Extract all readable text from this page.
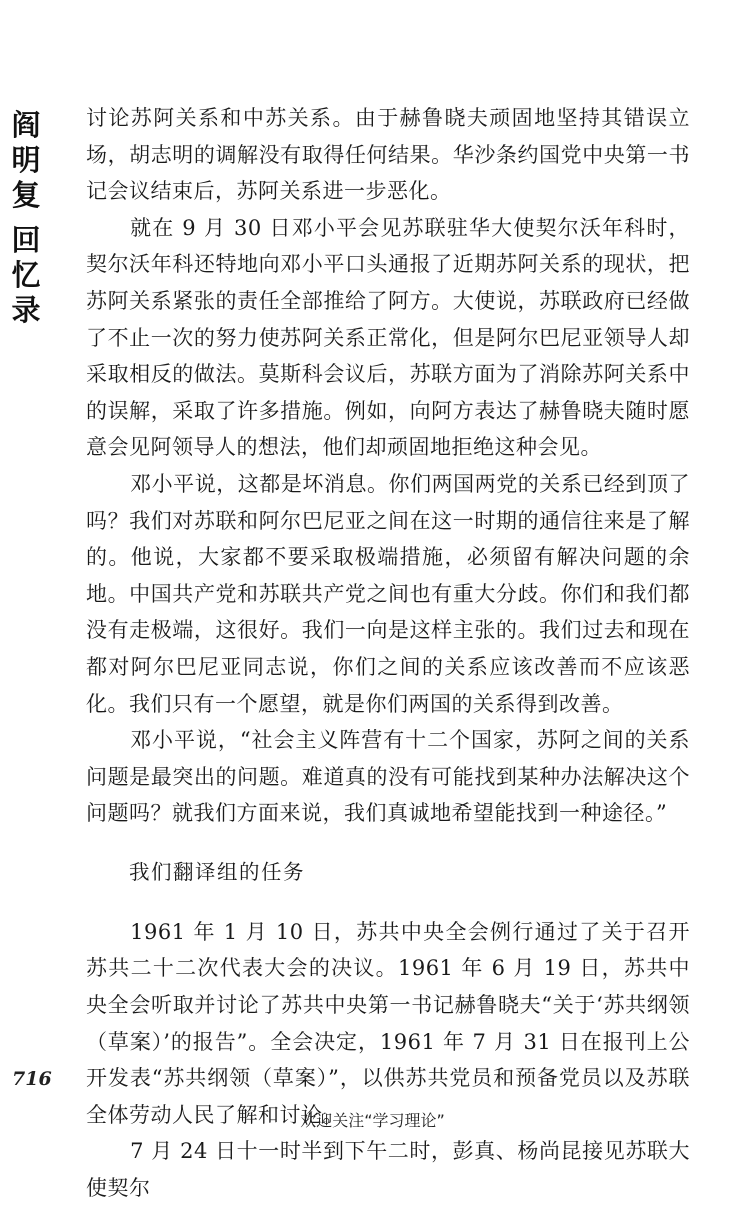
阎
明
复
回
忆
录

讨论苏阿关系和中苏关系。由于赫鲁晓夫顽固地坚持其错误立场，胡志明的调解没有取得任何结果。华沙条约国党中央第一书记会议结束后，苏阿关系进一步恶化。

就在 9 月 30 日邓小平会见苏联驻华大使契尔沃年科时，契尔沃年科还特地向邓小平口头通报了近期苏阿关系的现状，把苏阿关系紧张的责任全部推给了阿方。大使说，苏联政府已经做了不止一次的努力使苏阿关系正常化，但是阿尔巴尼亚领导人却采取相反的做法。莫斯科会议后，苏联方面为了消除苏阿关系中的误解，采取了许多措施。例如，向阿方表达了赫鲁晓夫随时愿意会见阿领导人的想法，他们却顽固地拒绝这种会见。

邓小平说，这都是坏消息。你们两国两党的关系已经到顶了吗？我们对苏联和阿尔巴尼亚之间在这一时期的通信往来是了解的。他说，大家都不要采取极端措施，必须留有解决问题的余地。中国共产党和苏联共产党之间也有重大分歧。你们和我们都没有走极端，这很好。我们一向是这样主张的。我们过去和现在都对阿尔巴尼亚同志说，你们之间的关系应该改善而不应该恶化。我们只有一个愿望，就是你们两国的关系得到改善。

邓小平说，“社会主义阵营有十二个国家，苏阿之间的关系问题是最突出的问题。难道真的没有可能找到某种办法解决这个问题吗？就我们方面来说，我们真诚地希望能找到一种途径。”

我们翻译组的任务

1961 年 1 月 10 日，苏共中央全会例行通过了关于召开苏共二十二次代表大会的决议。1961 年 6 月 19 日，苏共中央全会听取并讨论了苏共中央第一书记赫鲁晓夫“关于‘苏共纲领（草案）’的报告”。全会决定，1961 年 7 月 31 日在报刊上公开发表“苏共纲领（草案）”，以供苏共党员和预备党员以及苏联全体劳动人民了解和讨论。

7 月 24 日十一时半到下午二时，彭真、杨尚昆接见苏联大使契尔

716
欢迎关注“学习理论”
